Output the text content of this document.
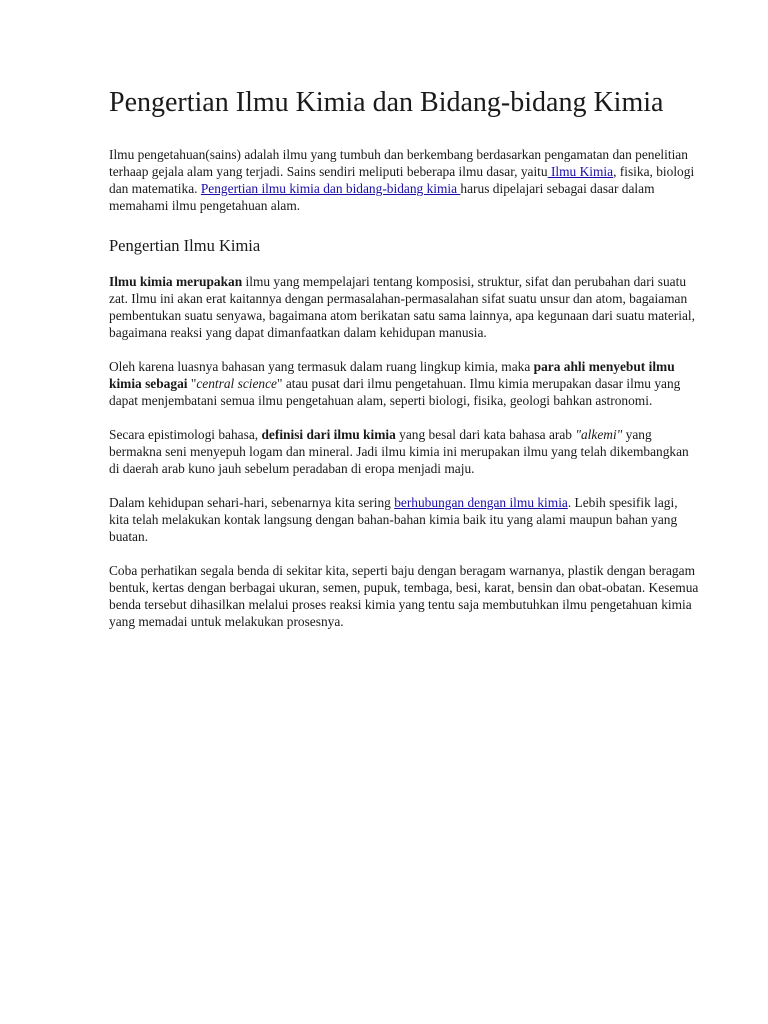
Pengertian Ilmu Kimia dan Bidang-bidang Kimia

Ilmu pengetahuan(sains) adalah ilmu yang tumbuh dan berkembang berdasarkan pengamatan dan penelitian terhaap gejala alam yang terjadi. Sains sendiri meliputi beberapa ilmu dasar, yaitu Ilmu Kimia, fisika, biologi dan matematika. Pengertian ilmu kimia dan bidang-bidang kimia harus dipelajari sebagai dasar dalam memahami ilmu pengetahuan alam.

Pengertian Ilmu Kimia

Ilmu kimia merupakan ilmu yang mempelajari tentang komposisi, struktur, sifat dan perubahan dari suatu zat. Ilmu ini akan erat kaitannya dengan permasalahan-permasalahan sifat suatu unsur dan atom, bagaiaman pembentukan suatu senyawa, bagaimana atom berikatan satu sama lainnya, apa kegunaan dari suatu material, bagaimana reaksi yang dapat dimanfaatkan dalam kehidupan manusia.

Oleh karena luasnya bahasan yang termasuk dalam ruang lingkup kimia, maka para ahli menyebut ilmu kimia sebagai "central science" atau pusat dari ilmu pengetahuan. Ilmu kimia merupakan dasar ilmu yang dapat menjembatani semua ilmu pengetahuan alam, seperti biologi, fisika, geologi bahkan astronomi.

Secara epistimologi bahasa, definisi dari ilmu kimia yang besal dari kata bahasa arab "alkemi" yang bermakna seni menyepuh logam dan mineral. Jadi ilmu kimia ini merupakan ilmu yang telah dikembangkan di daerah arab kuno jauh sebelum peradaban di eropa menjadi maju.

Dalam kehidupan sehari-hari, sebenarnya kita sering berhubungan dengan ilmu kimia. Lebih spesifik lagi, kita telah melakukan kontak langsung dengan bahan-bahan kimia baik itu yang alami maupun bahan yang buatan.

Coba perhatikan segala benda di sekitar kita, seperti baju dengan beragam warnanya, plastik dengan beragam bentuk, kertas dengan berbagai ukuran, semen, pupuk, tembaga, besi, karat, bensin dan obat-obatan. Kesemua benda tersebut dihasilkan melalui proses reaksi kimia yang tentu saja membutuhkan ilmu pengetahuan kimia yang memadai untuk melakukan prosesnya.
